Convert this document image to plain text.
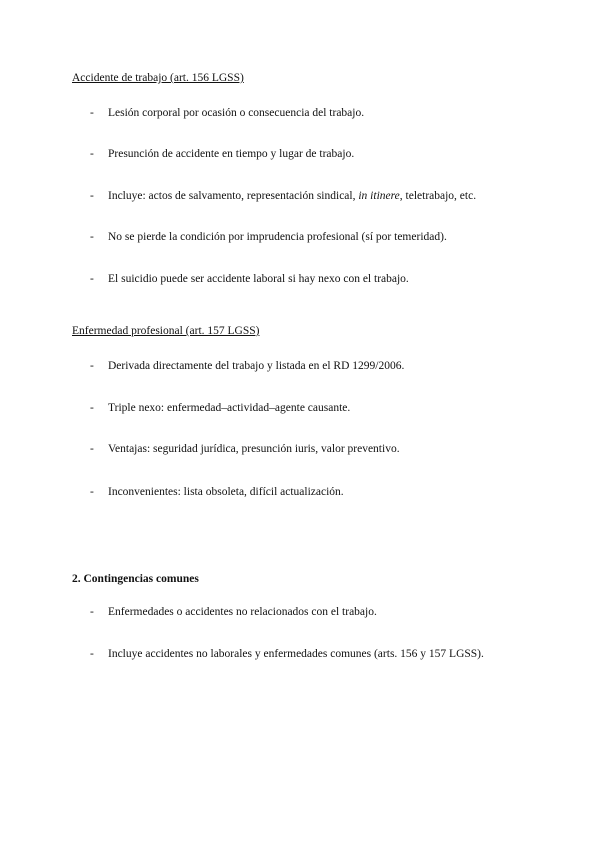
Accidente de trabajo (art. 156 LGSS)
- Lesión corporal por ocasión o consecuencia del trabajo.
- Presunción de accidente en tiempo y lugar de trabajo.
- Incluye: actos de salvamento, representación sindical, in itinere, teletrabajo, etc.
- No se pierde la condición por imprudencia profesional (sí por temeridad).
- El suicidio puede ser accidente laboral si hay nexo con el trabajo.
Enfermedad profesional (art. 157 LGSS)
- Derivada directamente del trabajo y listada en el RD 1299/2006.
- Triple nexo: enfermedad–actividad–agente causante.
- Ventajas: seguridad jurídica, presunción iuris, valor preventivo.
- Inconvenientes: lista obsoleta, difícil actualización.
2. Contingencias comunes
- Enfermedades o accidentes no relacionados con el trabajo.
- Incluye accidentes no laborales y enfermedades comunes (arts. 156 y 157 LGSS).
